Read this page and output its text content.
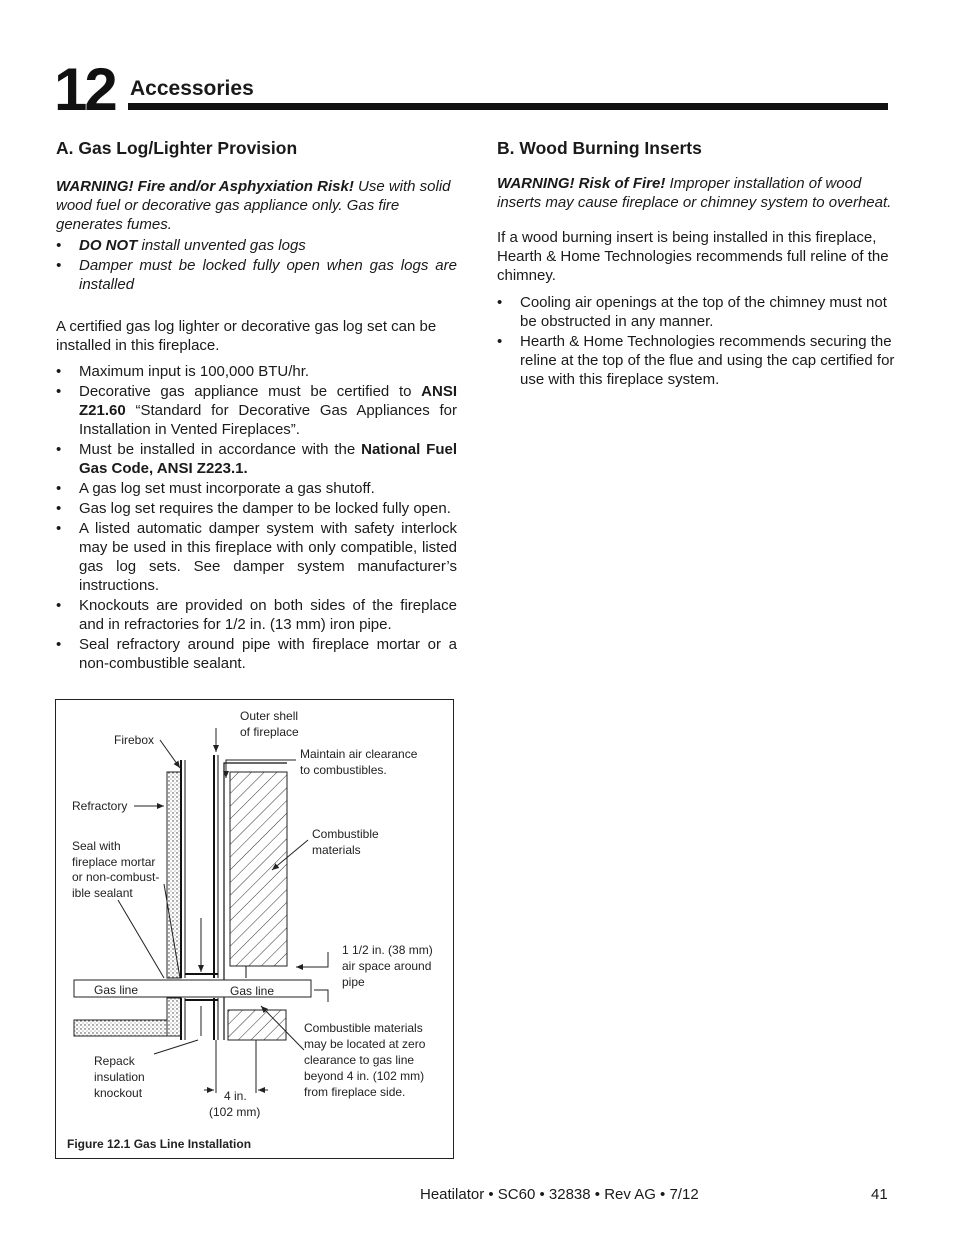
12 Accessories
A. Gas Log/Lighter Provision

WARNING! Fire and/or Asphyxiation Risk! Use with solid wood fuel or decorative gas appliance only. Gas fire generates fumes.

• DO NOT install unvented gas logs
• Damper must be locked fully open when gas logs are installed

A certified gas log lighter or decorative gas log set can be installed in this fireplace.

• Maximum input is 100,000 BTU/hr.
• Decorative gas appliance must be certified to ANSI Z21.60 “Standard for Decorative Gas Appliances for Installation in Vented Fireplaces”.
• Must be installed in accordance with the National Fuel Gas Code, ANSI Z223.1.
• A gas log set must incorporate a gas shutoff.
• Gas log set requires the damper to be locked fully open.
• A listed automatic damper system with safety interlock may be used in this fireplace with only compatible, listed gas log sets. See damper system manufacturer’s instructions.
• Knockouts are provided on both sides of the fireplace and in refractories for 1/2 in. (13 mm) iron pipe.
• Seal refractory around pipe with fireplace mortar or a non-combustible sealant.
B. Wood Burning Inserts

WARNING! Risk of Fire! Improper installation of wood inserts may cause fireplace or chimney system to overheat.

If a wood burning insert is being installed in this fireplace, Hearth & Home Technologies recommends full reline of the chimney.

• Cooling air openings at the top of the chimney must not be obstructed in any manner.
• Hearth & Home Technologies recommends securing the reline at the top of the flue and using the cap certified for use with this fireplace system.
Outer shell
of fireplace
Firebox
Maintain air clearance
to combustibles.
Refractory
Combustible
materials
Seal with
fireplace mortar
or non-combust-
ible sealant
1 1/2 in. (38 mm)
air space around
pipe
Gas line	Gas line
Combustible materials
may be located at zero
clearance to gas line
beyond 4 in. (102 mm)
from fireplace side.
Repack
insulation
knockout	4 in.
(102 mm)
Figure 12.1 Gas Line Installation
Heatilator • SC60 • 32838 • Rev AG • 7/12	41
